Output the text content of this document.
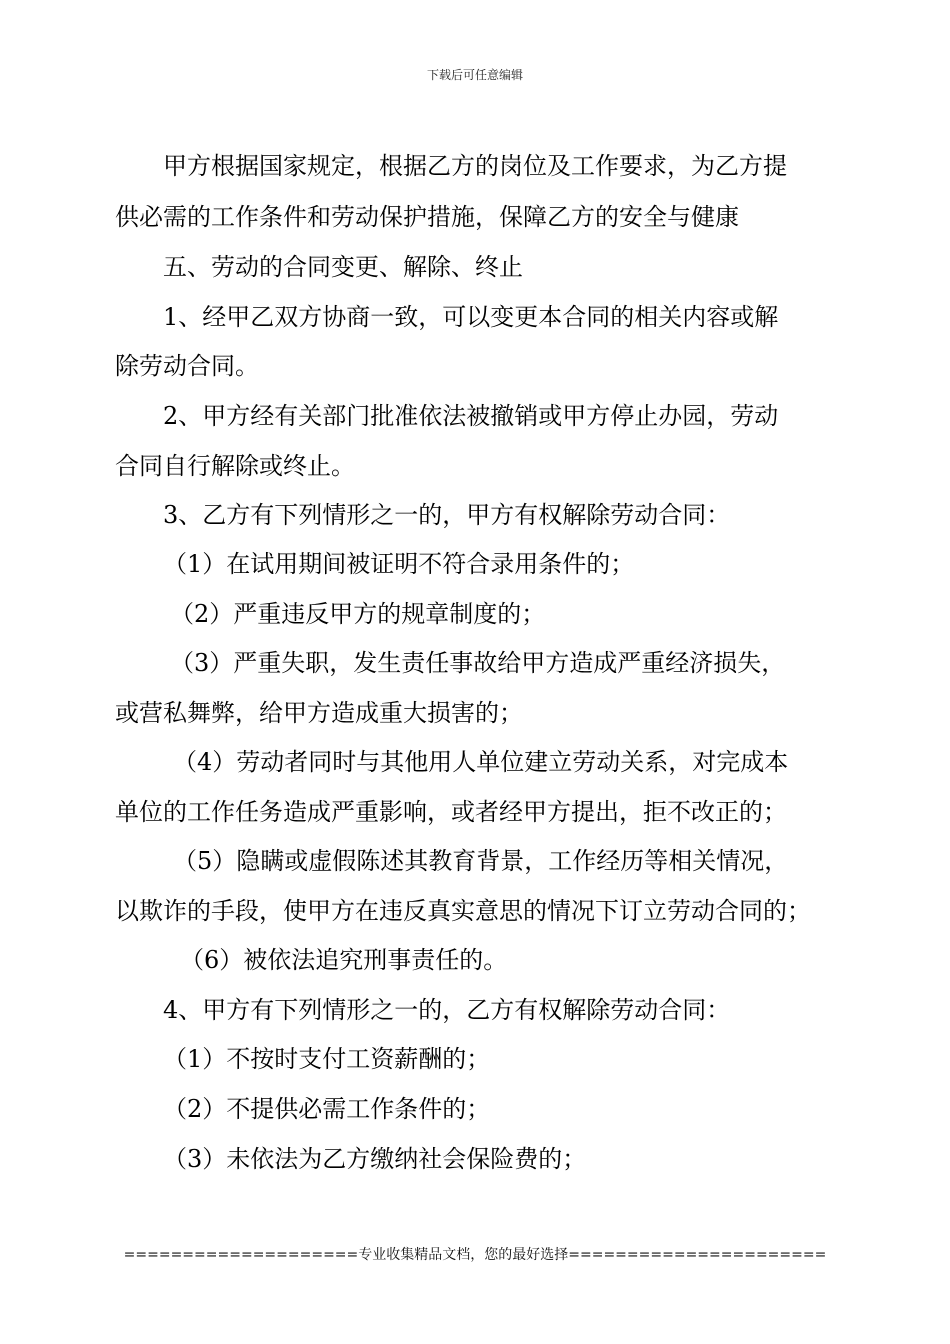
下载后可任意编辑
甲方根据国家规定，根据乙方的岗位及工作要求，为乙方提
供必需的工作条件和劳动保护措施，保障乙方的安全与健康
五、劳动的合同变更、解除、终止
1、经甲乙双方协商一致，可以变更本合同的相关内容或解
除劳动合同。
2、甲方经有关部门批准依法被撤销或甲方停止办园，劳动
合同自行解除或终止。
3、乙方有下列情形之一的，甲方有权解除劳动合同：
（1）在试用期间被证明不符合录用条件的；
（2）严重违反甲方的规章制度的；
（3）严重失职，发生责任事故给甲方造成严重经济损失，
或营私舞弊，给甲方造成重大损害的；
（4）劳动者同时与其他用人单位建立劳动关系，对完成本
单位的工作任务造成严重影响，或者经甲方提出，拒不改正的；
（5）隐瞒或虚假陈述其教育背景，工作经历等相关情况，
以欺诈的手段，使甲方在违反真实意思的情况下订立劳动合同的；
（6）被依法追究刑事责任的。
4、甲方有下列情形之一的，乙方有权解除劳动合同：
（1）不按时支付工资薪酬的；
（2）不提供必需工作条件的；
（3）未依法为乙方缴纳社会保险费的；
====================专业收集精品文档，您的最好选择======================
